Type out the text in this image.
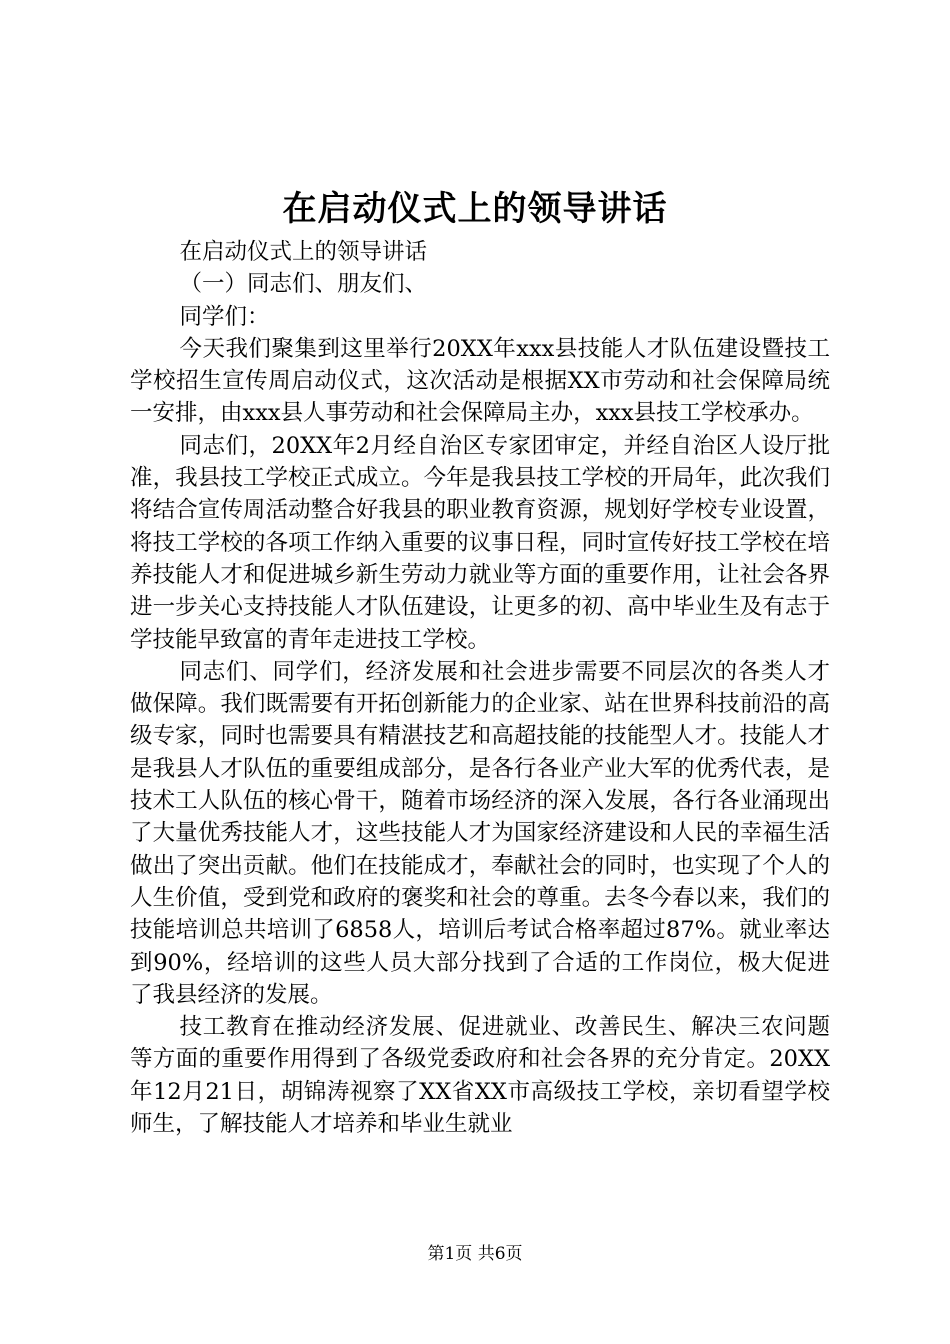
在启动仪式上的领导讲话

在启动仪式上的领导讲话

（一）同志们、朋友们、

同学们：

今天我们聚集到这里举行20XX年xxx县技能人才队伍建设暨技工学校招生宣传周启动仪式，这次活动是根据XX市劳动和社会保障局统一安排，由xxx县人事劳动和社会保障局主办，xxx县技工学校承办。

同志们，20XX年2月经自治区专家团审定，并经自治区人设厅批准，我县技工学校正式成立。今年是我县技工学校的开局年，此次我们将结合宣传周活动整合好我县的职业教育资源，规划好学校专业设置，将技工学校的各项工作纳入重要的议事日程，同时宣传好技工学校在培养技能人才和促进城乡新生劳动力就业等方面的重要作用，让社会各界进一步关心支持技能人才队伍建设，让更多的初、高中毕业生及有志于学技能早致富的青年走进技工学校。

同志们、同学们，经济发展和社会进步需要不同层次的各类人才做保障。我们既需要有开拓创新能力的企业家、站在世界科技前沿的高级专家，同时也需要具有精湛技艺和高超技能的技能型人才。技能人才是我县人才队伍的重要组成部分，是各行各业产业大军的优秀代表，是技术工人队伍的核心骨干，随着市场经济的深入发展，各行各业涌现出了大量优秀技能人才，这些技能人才为国家经济建设和人民的幸福生活做出了突出贡献。他们在技能成才，奉献社会的同时，也实现了个人的人生价值，受到党和政府的褒奖和社会的尊重。去冬今春以来，我们的技能培训总共培训了6858人，培训后考试合格率超过87%。就业率达到90%，经培训的这些人员大部分找到了合适的工作岗位，极大促进了我县经济的发展。

技工教育在推动经济发展、促进就业、改善民生、解决三农问题等方面的重要作用得到了各级党委政府和社会各界的充分肯定。20XX年12月21日，胡锦涛视察了XX省XX市高级技工学校，亲切看望学校师生，了解技能人才培养和毕业生就业

第1页 共6页
